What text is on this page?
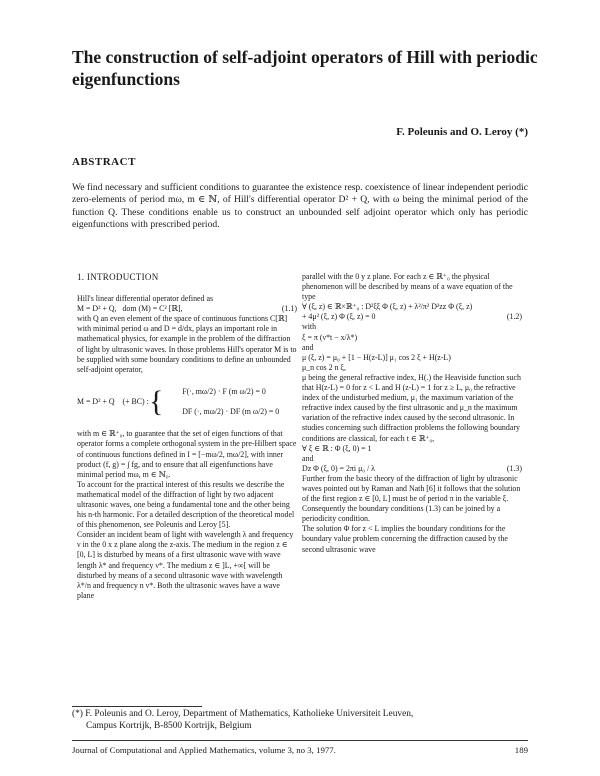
The construction of self-adjoint operators of Hill with periodic eigenfunctions
F. Poleunis and O. Leroy (*)
ABSTRACT

We find necessary and sufficient conditions to guarantee the existence resp. coexistence of linear independent periodic zero-elements of period mω, m ∈ ℕ, of Hill's differential operator D² + Q, with ω being the minimal period of the function Q. These conditions enable us to construct an unbounded self adjoint operator which only has periodic eigenfunctions with prescribed period.

1. INTRODUCTION

Hill's linear differential operator defined as

M = D² + Q,   dom (M) = C² [ℝ],	(1.1)

with Q an even element of the space of continuous functions C[ℝ] with minimal period ω and D = d/dx, plays an important role in mathematical physics, for example in the problem of the diffraction of light by ultrasonic waves. In those problems Hill's operator M is to be supplied with some boundary conditions to define an unbounded self-adjoint operator,

M = D² + Q    (+ BC) : {	F(·, mω/2) · F (m ω/2) = 0

DF (·, mω/2) · DF (m ω/2) = 0

with m ∈ ℝ⁺₀, to guarantee that the set of eigen functions of that operator forms a complete orthogonal system in the pre-Hilbert space of continuous functions defined in I = [−mω/2, mω/2], with inner product (f, g) = ∫ fg, and to ensure that all eigenfunctions have minimal period mω, m ∈ ℕ₀.

To account for the practical interest of this results we describe the mathematical model of the diffraction of light by two adjacent ultrasonic waves, one being a fundamental tone and the other being his n-th harmonic. For a detailed description of the theoretical model of this phenomenon, see Poleunis and Leroy [5].

Consider an incident beam of light with wavelength λ and frequency ν in the 0 x z plane along the z-axis. The medium in the region z ∈ [0, L] is disturbed by means of a first ultrasonic wave with wave length λ* and frequency ν*. The medium z ∈ ]L, +∞[ will be disturbed by means of a second ultrasonic wave with wavelength λ*/n and frequency n ν*. Both the ultrasonic waves have a wave plane

parallel with the 0 y z plane. For each z ∈ ℝ⁺₀ the physical phenomenon will be described by means of a wave equation of the type

∀ (ξ, z) ∈ ℝ×ℝ⁺₀ : D²ξξ Φ (ξ, z) + λ²/π² D²zz Φ (ξ, z)

+ 4μ² (ξ, z) Φ (ξ, z) = 0	(1.2)

with

ξ = π (ν*t − x/λ*)

and

μ (ξ, z) = μ₀ + [1 − H(z-L)] μ₁ cos 2 ξ + H(z-L)

μ_n cos 2 n ξ,

μ being the general refractive index, H(.) the Heaviside function such that H(z-L) = 0 for z < L and H (z-L) = 1 for z ≥ L, μ₀ the refractive index of the undisturbed medium, μ₁ the maximum variation of the refractive index caused by the first ultrasonic and μ_n the maximum variation of the refractive index caused by the second ultrasonic. In studies concerning such diffraction problems the following boundary conditions are classical, for each t ∈ ℝ⁺₀,

∀ ξ ∈ ℝ : Φ (ξ, 0) = 1

and

Dz Φ (ξ, 0) = 2πi μ₀ / λ	(1.3)

Further from the basic theory of the diffraction of light by ultrasonic waves pointed out by Raman and Nath [6] it follows that the solution of the first region z ∈ [0, L] must be of period π in the variable ξ. Consequently the boundary conditions (1.3) can be joined by a periodicity condition.

The solution Φ for z < L implies the boundary conditions for the boundary value problem concerning the diffraction caused by the second ultrasonic wave

(*) F. Poleunis and O. Leroy, Department of Mathematics, Katholieke Universiteit Leuven,
Campus Kortrijk, B-8500 Kortrijk, Belgium
Journal of Computational and Applied Mathematics, volume 3, no 3, 1977.	189
